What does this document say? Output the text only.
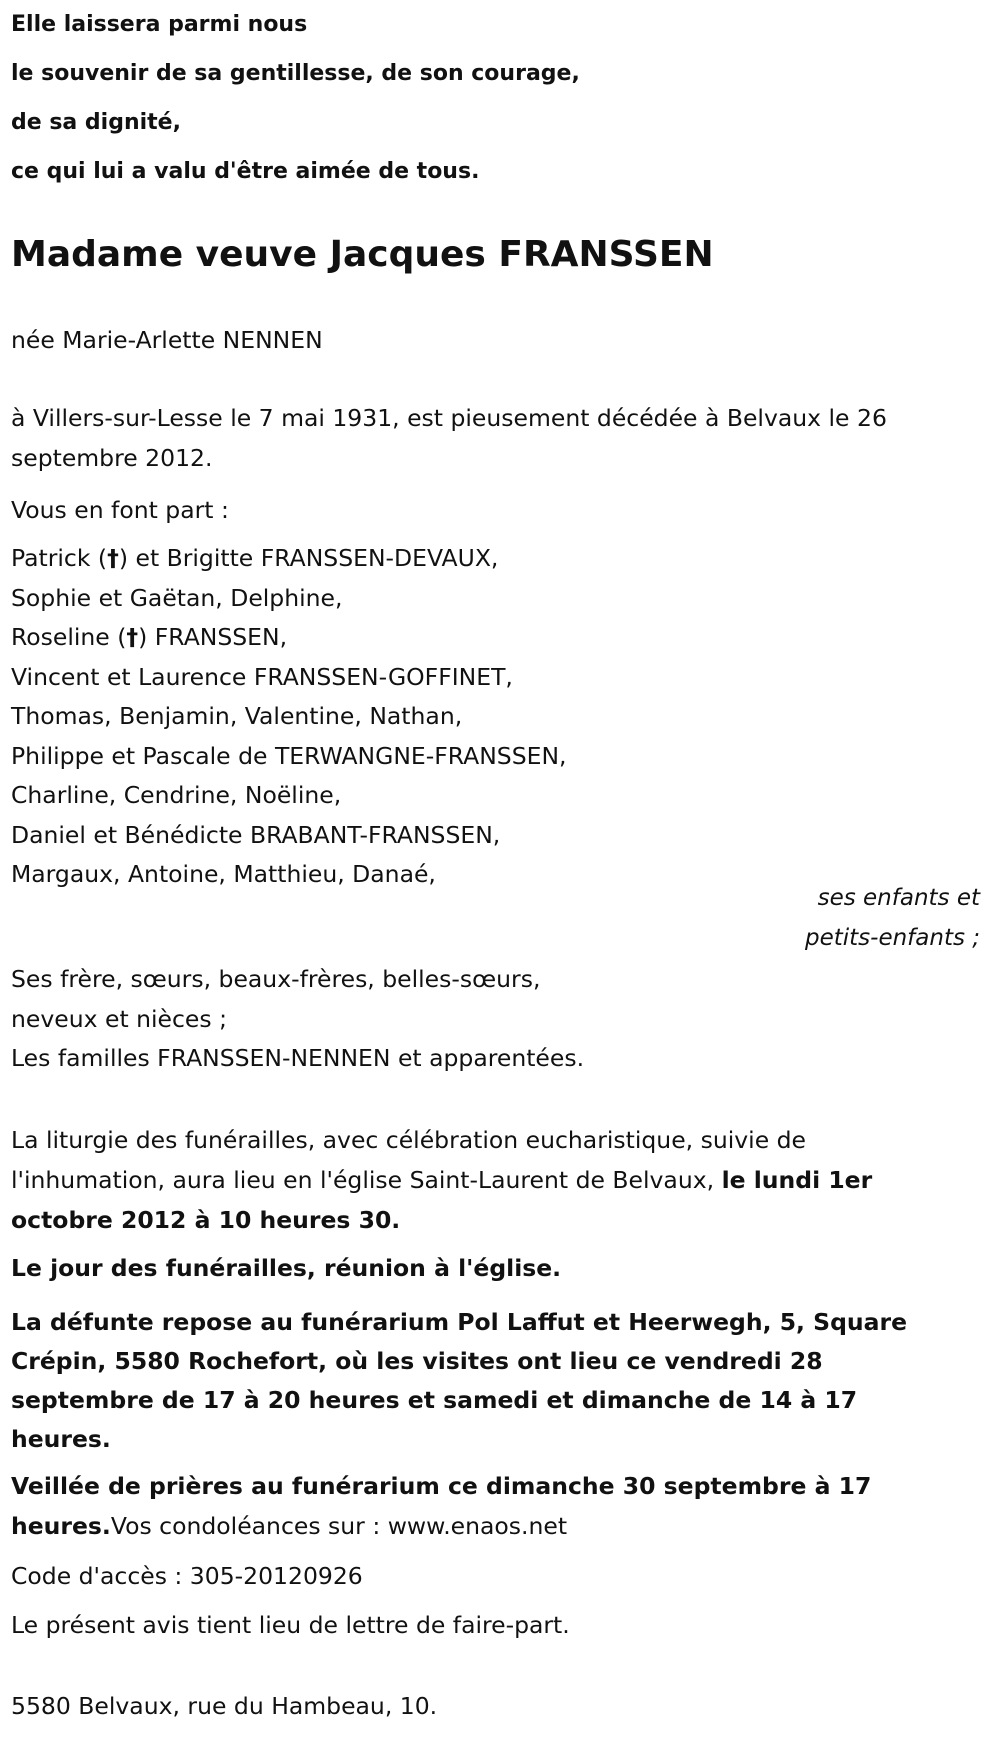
Elle laissera parmi nous
le souvenir de sa gentillesse, de son courage,
de sa dignité,
ce qui lui a valu d'être aimée de tous.
Madame veuve Jacques FRANSSEN
née Marie-Arlette NENNEN
à Villers-sur-Lesse le 7 mai 1931, est pieusement décédée à Belvaux le 26
septembre 2012.
Vous en font part :
Patrick (†) et Brigitte FRANSSEN-DEVAUX,
Sophie et Gaëtan, Delphine,
Roseline (†) FRANSSEN,
Vincent et Laurence FRANSSEN-GOFFINET,
Thomas, Benjamin, Valentine, Nathan,
Philippe et Pascale de TERWANGNE-FRANSSEN,
Charline, Cendrine, Noëline,
Daniel et Bénédicte BRABANT-FRANSSEN,
Margaux, Antoine, Matthieu, Danaé,
ses enfants et
petits-enfants ;
Ses frère, sœurs, beaux-frères, belles-sœurs,
neveux et nièces ;
Les familles FRANSSEN-NENNEN et apparentées.
La liturgie des funérailles, avec célébration eucharistique, suivie de
l'inhumation, aura lieu en l'église Saint-Laurent de Belvaux, le lundi 1er
octobre 2012 à 10 heures 30.
Le jour des funérailles, réunion à l'église.
La défunte repose au funérarium Pol Laffut et Heerwegh, 5, Square
Crépin, 5580 Rochefort, où les visites ont lieu ce vendredi 28
septembre de 17 à 20 heures et samedi et dimanche de 14 à 17
heures.
Veillée de prières au funérarium ce dimanche 30 septembre à 17
heures.Vos condoléances sur : www.enaos.net
Code d'accès : 305-20120926
Le présent avis tient lieu de lettre de faire-part.
5580 Belvaux, rue du Hambeau, 10.
